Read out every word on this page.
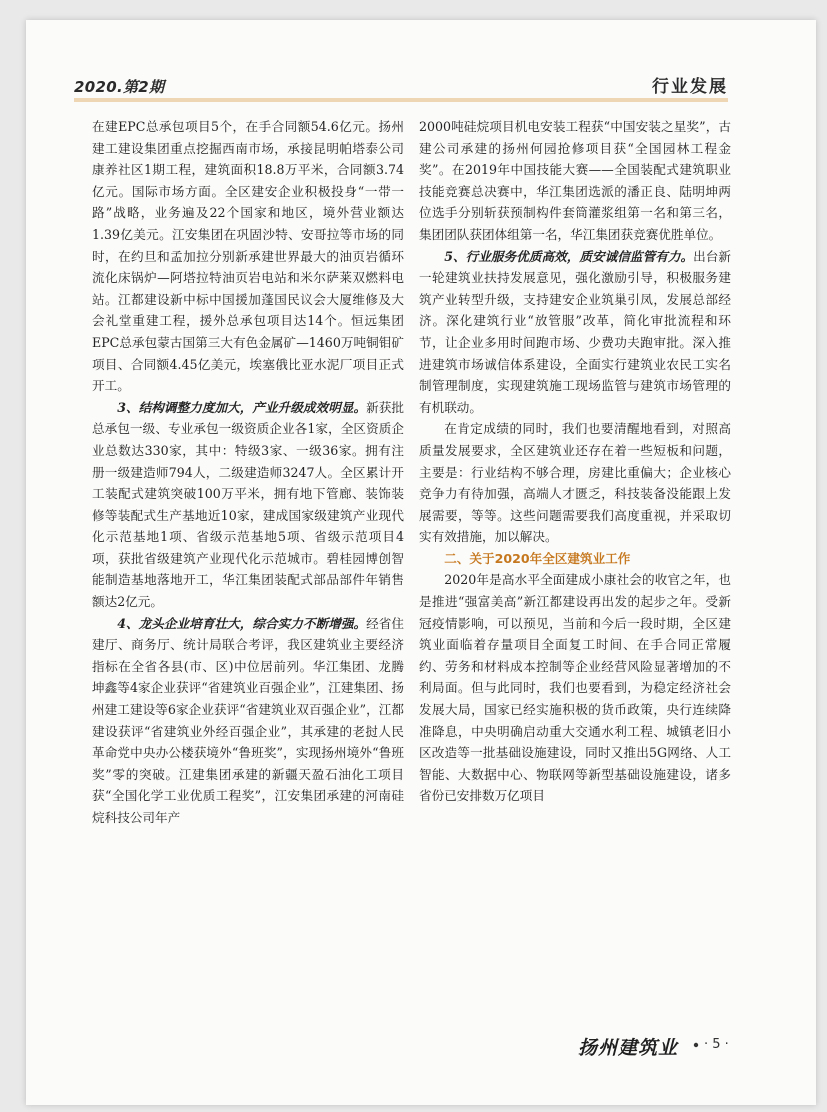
2020.第2期	行业发展

在建EPC总承包项目5个，在手合同额54.6亿元。扬州建工建设集团重点挖掘西南市场，承接昆明帕塔泰公司康养社区1期工程，建筑面积18.8万平米，合同额3.74亿元。国际市场方面。全区建安企业积极投身“一带一路”战略，业务遍及22个国家和地区，境外营业额达1.39亿美元。江安集团在巩固沙特、安哥拉等市场的同时，在约旦和孟加拉分别新承建世界最大的油页岩循环流化床锅炉—阿塔拉特油页岩电站和米尔萨莱双燃料电站。江都建设新中标中国援加蓬国民议会大厦维修及大会礼堂重建工程，援外总承包项目达14个。恒远集团EPC总承包蒙古国第三大有色金属矿—1460万吨铜钼矿项目、合同额4.45亿美元，埃塞俄比亚水泥厂项目正式开工。

3、结构调整力度加大，产业升级成效明显。新获批总承包一级、专业承包一级资质企业各1家，全区资质企业总数达330家，其中：特级3家、一级36家。拥有注册一级建造师794人，二级建造师3247人。全区累计开工装配式建筑突破100万平米，拥有地下管廊、装饰装修等装配式生产基地近10家，建成国家级建筑产业现代化示范基地1项、省级示范基地5项、省级示范项目4项，获批省级建筑产业现代化示范城市。碧桂园博创智能制造基地落地开工，华江集团装配式部品部件年销售额达2亿元。

4、龙头企业培育壮大，综合实力不断增强。经省住建厅、商务厅、统计局联合考评，我区建筑业主要经济指标在全省各县(市、区)中位居前列。华江集团、龙腾坤鑫等4家企业获评“省建筑业百强企业”，江建集团、扬州建工建设等6家企业获评“省建筑业双百强企业”，江都建设获评“省建筑业外经百强企业”，其承建的老挝人民革命党中央办公楼获境外“鲁班奖”，实现扬州境外“鲁班奖”零的突破。江建集团承建的新疆天盈石油化工项目获“全国化学工业优质工程奖”，江安集团承建的河南硅烷科技公司年产

2000吨硅烷项目机电安装工程获“中国安装之星奖”，古建公司承建的扬州何园抢修项目获“全国园林工程金奖”。在2019年中国技能大赛——全国装配式建筑职业技能竞赛总决赛中，华江集团选派的潘正良、陆明坤两位选手分别斩获预制构件套筒灌浆组第一名和第三名，集团团队获团体组第一名，华江集团获竞赛优胜单位。

5、行业服务优质高效，质安诚信监管有力。出台新一轮建筑业扶持发展意见，强化激励引导，积极服务建筑产业转型升级，支持建安企业筑巢引凤，发展总部经济。深化建筑行业“放管服”改革，简化审批流程和环节，让企业多用时间跑市场、少费功夫跑审批。深入推进建筑市场诚信体系建设，全面实行建筑业农民工实名制管理制度，实现建筑施工现场监管与建筑市场管理的有机联动。

在肯定成绩的同时，我们也要清醒地看到，对照高质量发展要求，全区建筑业还存在着一些短板和问题，主要是：行业结构不够合理，房建比重偏大；企业核心竞争力有待加强，高端人才匮乏，科技装备没能跟上发展需要，等等。这些问题需要我们高度重视，并采取切实有效措施，加以解决。

二、关于2020年全区建筑业工作

2020年是高水平全面建成小康社会的收官之年，也是推进“强富美高”新江都建设再出发的起步之年。受新冠疫情影响，可以预见，当前和今后一段时期，全区建筑业面临着存量项目全面复工时间、在手合同正常履约、劳务和材料成本控制等企业经营风险显著增加的不利局面。但与此同时，我们也要看到，为稳定经济社会发展大局，国家已经实施积极的货币政策，央行连续降准降息，中央明确启动重大交通水利工程、城镇老旧小区改造等一批基础设施建设，同时又推出5G网络、人工智能、大数据中心、物联网等新型基础设施建设，诸多省份已安排数万亿项目

扬州建筑业 · 5 ·
